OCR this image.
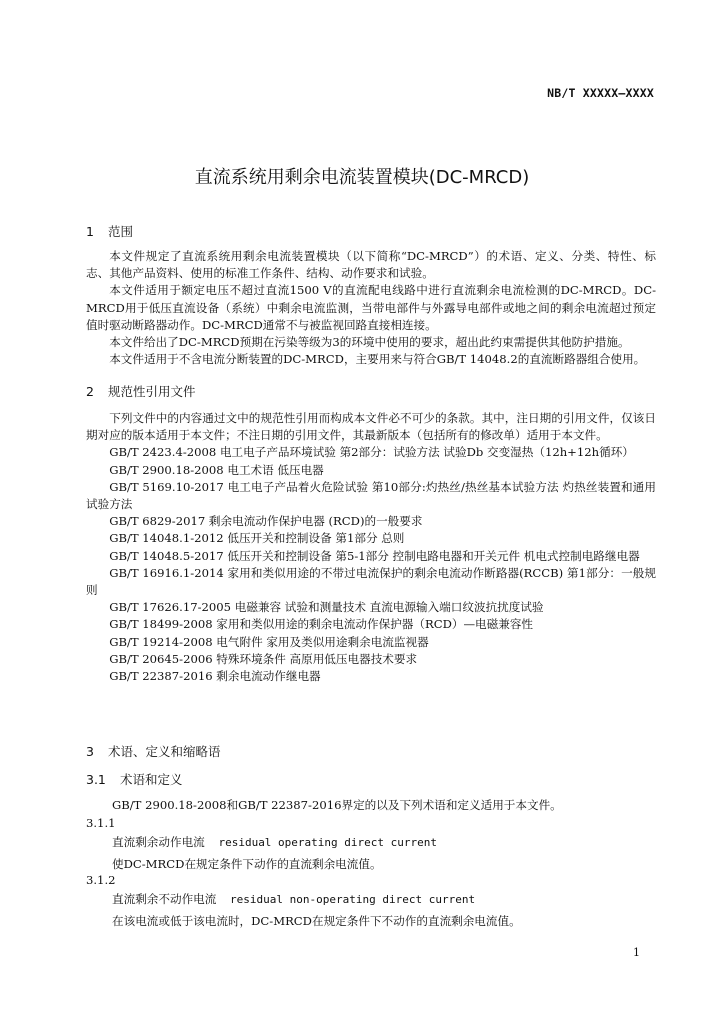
NB/T XXXXX—XXXX
直流系统用剩余电流装置模块(DC-MRCD)
1 范围

本文件规定了直流系统用剩余电流装置模块（以下简称“DC-MRCD”）的术语、定义、分类、特性、标志、其他产品资料、使用的标准工作条件、结构、动作要求和试验。

本文件适用于额定电压不超过直流1500 V的直流配电线路中进行直流剩余电流检测的DC-MRCD。DC-MRCD用于低压直流设备（系统）中剩余电流监测，当带电部件与外露导电部件或地之间的剩余电流超过预定值时驱动断路器动作。DC-MRCD通常不与被监视回路直接相连接。

本文件给出了DC-MRCD预期在污染等级为3的环境中使用的要求，超出此约束需提供其他防护措施。

本文件适用于不含电流分断装置的DC-MRCD，主要用来与符合GB/T 14048.2的直流断路器组合使用。

2 规范性引用文件

下列文件中的内容通过文中的规范性引用而构成本文件必不可少的条款。其中，注日期的引用文件，仅该日期对应的版本适用于本文件；不注日期的引用文件，其最新版本（包括所有的修改单）适用于本文件。

GB/T 2423.4-2008 电工电子产品环境试验 第2部分：试验方法 试验Db 交变湿热（12h+12h循环）

GB/T 2900.18-2008 电工术语 低压电器

GB/T 5169.10-2017 电工电子产品着火危险试验 第10部分:灼热丝/热丝基本试验方法 灼热丝装置和通用试验方法

GB/T 6829-2017 剩余电流动作保护电器 (RCD)的一般要求

GB/T 14048.1-2012 低压开关和控制设备 第1部分 总则

GB/T 14048.5-2017 低压开关和控制设备 第5-1部分 控制电路电器和开关元件 机电式控制电路继电器

GB/T 16916.1-2014 家用和类似用途的不带过电流保护的剩余电流动作断路器(RCCB) 第1部分：一般规则

GB/T 17626.17-2005 电磁兼容 试验和测量技术 直流电源输入端口纹波抗扰度试验

GB/T 18499-2008 家用和类似用途的剩余电流动作保护器（RCD）—电磁兼容性

GB/T 19214-2008 电气附件 家用及类似用途剩余电流监视器

GB/T 20645-2006 特殊环境条件 高原用低压电器技术要求

GB/T 22387-2016 剩余电流动作继电器

3 术语、定义和缩略语
3.1 术语和定义
GB/T 2900.18-2008和GB/T 22387-2016界定的以及下列术语和定义适用于本文件。
3.1.1
直流剩余动作电流 residual operating direct current
使DC-MRCD在规定条件下动作的直流剩余电流值。
3.1.2
直流剩余不动作电流 residual non-operating direct current
在该电流或低于该电流时，DC-MRCD在规定条件下不动作的直流剩余电流值。
1
